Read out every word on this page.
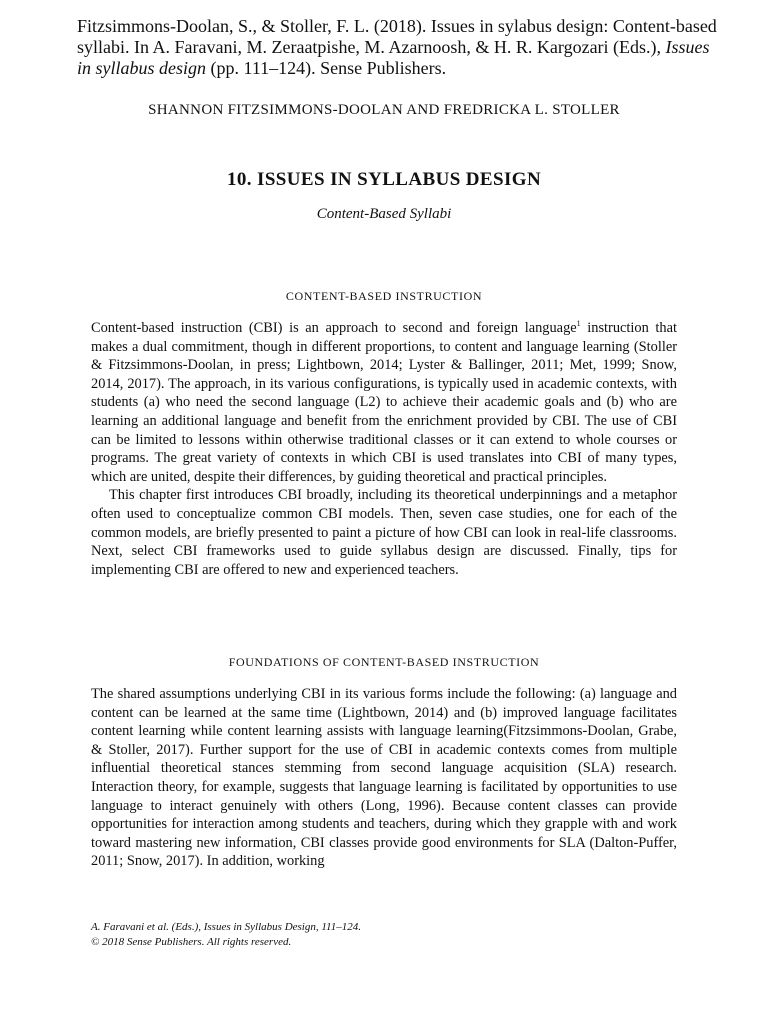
Fitzsimmons-Doolan, S., & Stoller, F. L. (2018). Issues in sylabus design: Content-based syllabi. In A. Faravani, M. Zeraatpishe, M. Azarnoosh, & H. R. Kargozari (Eds.), Issues in syllabus design (pp. 111–124). Sense Publishers.
SHANNON FITZSIMMONS-DOOLAN AND FREDRICKA L. STOLLER
10. ISSUES IN SYLLABUS DESIGN
Content-Based Syllabi
CONTENT-BASED INSTRUCTION

Content-based instruction (CBI) is an approach to second and foreign language$^1$ instruction that makes a dual commitment, though in different proportions, to content and language learning (Stoller & Fitzsimmons-Doolan, in press; Lightbown, 2014; Lyster & Ballinger, 2011; Met, 1999; Snow, 2014, 2017). The approach, in its various configurations, is typically used in academic contexts, with students (a) who need the second language (L2) to achieve their academic goals and (b) who are learning an additional language and benefit from the enrichment provided by CBI. The use of CBI can be limited to lessons within otherwise traditional classes or it can extend to whole courses or programs. The great variety of contexts in which CBI is used translates into CBI of many types, which are united, despite their differences, by guiding theoretical and practical principles.

This chapter first introduces CBI broadly, including its theoretical underpinnings and a metaphor often used to conceptualize common CBI models. Then, seven case studies, one for each of the common models, are briefly presented to paint a picture of how CBI can look in real-life classrooms. Next, select CBI frameworks used to guide syllabus design are discussed. Finally, tips for implementing CBI are offered to new and experienced teachers.

FOUNDATIONS OF CONTENT-BASED INSTRUCTION

The shared assumptions underlying CBI in its various forms include the following: (a) language and content can be learned at the same time (Lightbown, 2014) and (b) improved language facilitates content learning while content learning assists with language learning(Fitzsimmons-Doolan, Grabe, & Stoller, 2017). Further support for the use of CBI in academic contexts comes from multiple influential theoretical stances stemming from second language acquisition (SLA) research. Interaction theory, for example, suggests that language learning is facilitated by opportunities to use language to interact genuinely with others (Long, 1996). Because content classes can provide opportunities for interaction among students and teachers, during which they grapple with and work toward mastering new information, CBI classes provide good environments for SLA (Dalton-Puffer, 2011; Snow, 2017). In addition, working

A. Faravani et al. (Eds.), Issues in Syllabus Design, 111–124.
© 2018 Sense Publishers. All rights reserved.
